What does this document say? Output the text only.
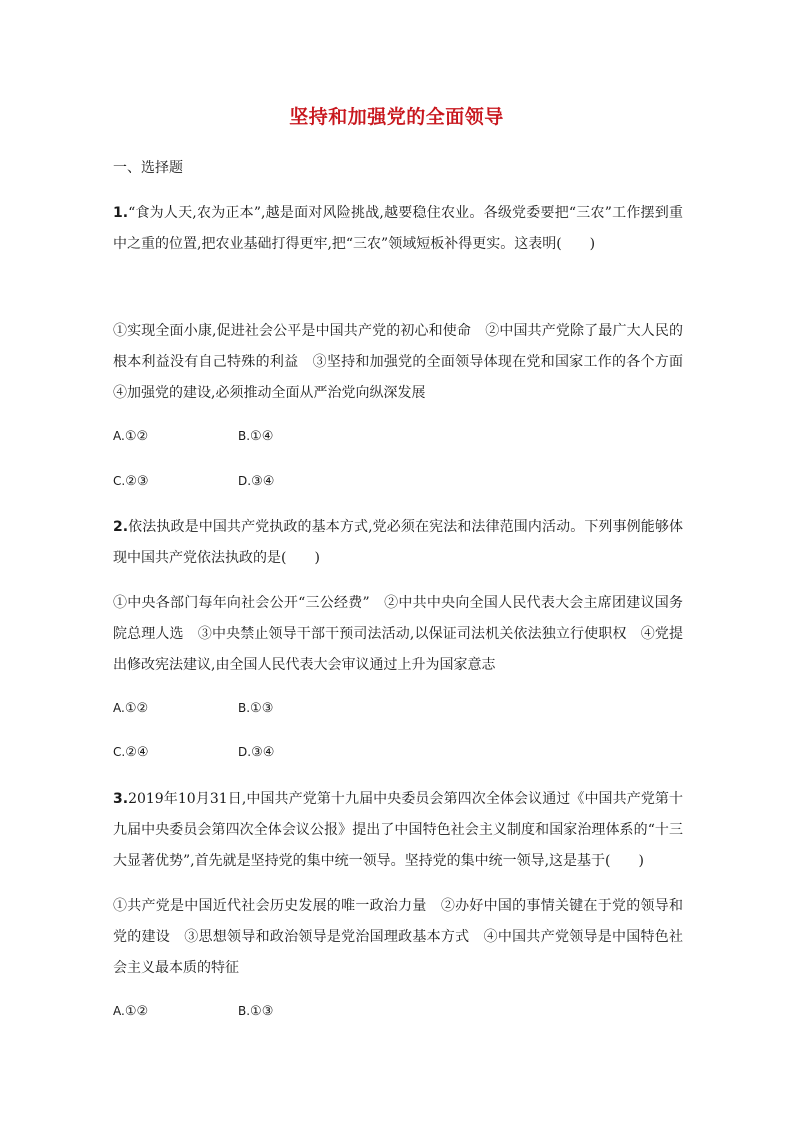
坚持和加强党的全面领导
一、选择题
1.“食为人天,农为正本”,越是面对风险挑战,越要稳住农业。各级党委要把“三农”工作摆到重中之重的位置,把农业基础打得更牢,把“三农”领域短板补得更实。这表明(　　)
①实现全面小康,促进社会公平是中国共产党的初心和使命　②中国共产党除了最广大人民的根本利益没有自己特殊的利益　③坚持和加强党的全面领导体现在党和国家工作的各个方面　④加强党的建设,必须推动全面从严治党向纵深发展
A.①②	B.①④
C.②③	D.③④
2.依法执政是中国共产党执政的基本方式,党必须在宪法和法律范围内活动。下列事例能够体现中国共产党依法执政的是(　　)
①中央各部门每年向社会公开“三公经费”　②中共中央向全国人民代表大会主席团建议国务院总理人选　③中央禁止领导干部干预司法活动,以保证司法机关依法独立行使职权　④党提出修改宪法建议,由全国人民代表大会审议通过上升为国家意志
A.①②	B.①③
C.②④	D.③④
3.2019年10月31日,中国共产党第十九届中央委员会第四次全体会议通过《中国共产党第十九届中央委员会第四次全体会议公报》提出了中国特色社会主义制度和国家治理体系的“十三大显著优势”,首先就是坚持党的集中统一领导。坚持党的集中统一领导,这是基于(　　)
①共产党是中国近代社会历史发展的唯一政治力量　②办好中国的事情关键在于党的领导和党的建设　③思想领导和政治领导是党治国理政基本方式　④中国共产党领导是中国特色社会主义最本质的特征
A.①②	B.①③
